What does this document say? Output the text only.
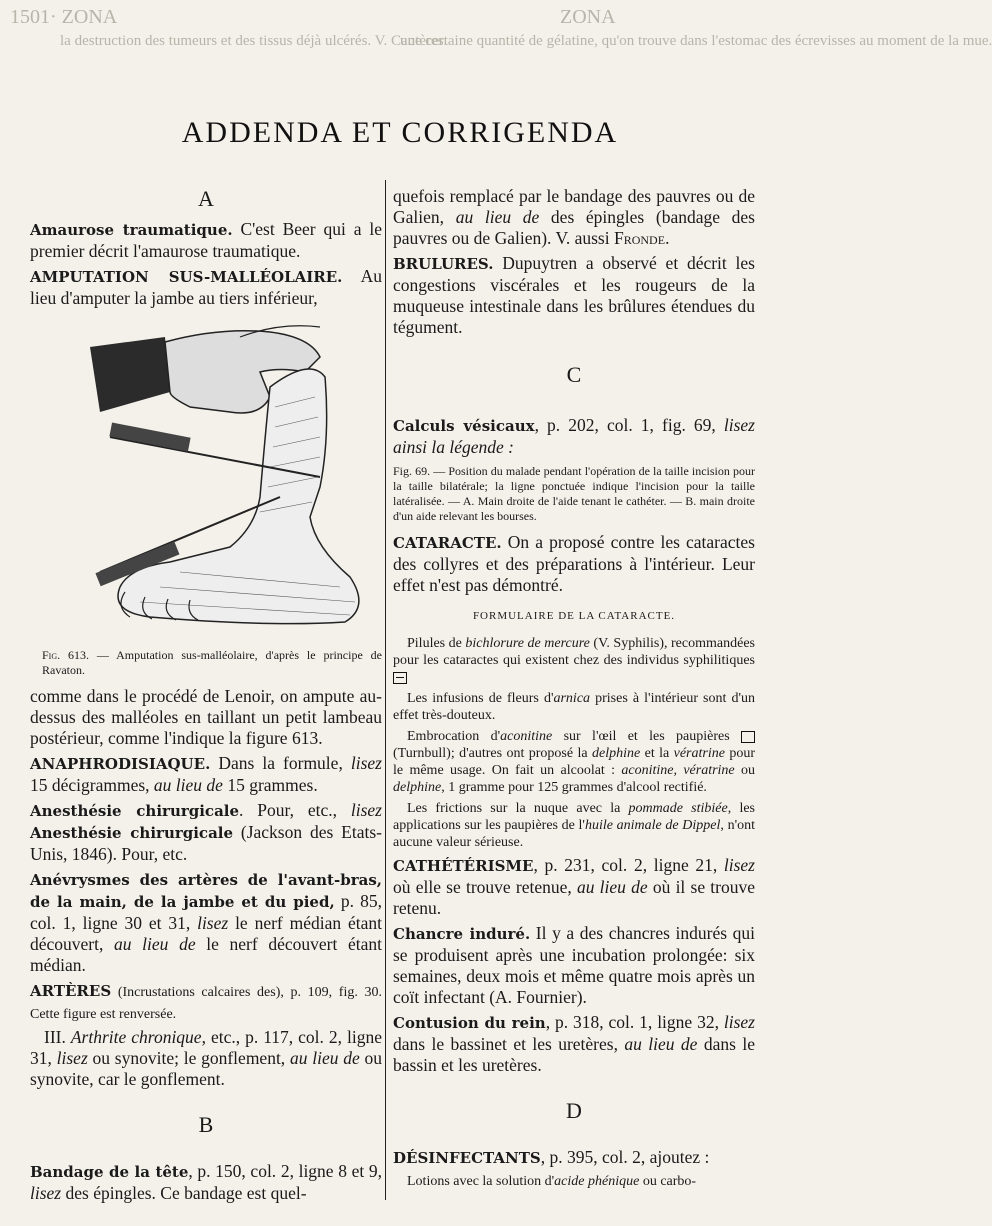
1501· ZONA	ZONA
la destruction des tumeurs et des tissus déjà ulcérés. V. Cautères.
une certaine quantité de gélatine, qu'on trouve dans l'estomac des écrevisses au moment de la mue.
ADDENDA ET CORRIGENDA
A

Amaurose traumatique. C'est Beer qui a le premier décrit l'amaurose traumatique.

AMPUTATION SUS-MALLÉOLAIRE. Au lieu d'amputer la jambe au tiers inférieur,

Fig. 613. — Amputation sus-malléolaire, d'après le principe de Ravaton.

comme dans le procédé de Lenoir, on ampute au-dessus des malléoles en taillant un petit lambeau postérieur, comme l'indique la figure 613.

ANAPHRODISIAQUE. Dans la formule, lisez 15 décigrammes, au lieu de 15 grammes.

Anesthésie chirurgicale. Pour, etc., lisez Anesthésie chirurgicale (Jackson des Etats-Unis, 1846). Pour, etc.

Anévrysmes des artères de l'avant-bras, de la main, de la jambe et du pied, p. 85, col. 1, ligne 30 et 31, lisez le nerf médian étant découvert, au lieu de le nerf découvert étant médian.

ARTÈRES (Incrustations calcaires des), p. 109, fig. 30. Cette figure est renversée.

III. Arthrite chronique, etc., p. 117, col. 2, ligne 31, lisez ou synovite; le gonflement, au lieu de ou synovite, car le gonflement.

B

Bandage de la tête, p. 150, col. 2, ligne 8 et 9, lisez des épingles. Ce bandage est quel-

quefois remplacé par le bandage des pauvres ou de Galien, au lieu de des épingles (bandage des pauvres ou de Galien). V. aussi Fronde.

BRULURES. Dupuytren a observé et décrit les congestions viscérales et les rougeurs de la muqueuse intestinale dans les brûlures étendues du tégument.

C

Calculs vésicaux, p. 202, col. 1, fig. 69, lisez ainsi la légende :

Fig. 69. — Position du malade pendant l'opération de la taille incision pour la taille bilatérale; la ligne ponctuée indique l'incision pour la taille latéralisée. — A. Main droite de l'aide tenant le cathéter. — B. main droite d'un aide relevant les bourses.

CATARACTE. On a proposé contre les cataractes des collyres et des préparations à l'intérieur. Leur effet n'est pas démontré.

FORMULAIRE DE LA CATARACTE.

Pilules de bichlorure de mercure (V. Syphilis), recommandées pour les cataractes qui existent chez des individus syphilitiques

Les infusions de fleurs d'arnica prises à l'intérieur sont d'un effet très-douteux.

Embrocation d'aconitine sur l'œil et les paupières  (Turnbull); d'autres ont proposé la delphine et la vératrine pour le même usage. On fait un alcoolat : aconitine, vératrine ou delphine, 1 gramme pour 125 grammes d'alcool rectifié.

Les frictions sur la nuque avec la pommade stibiée, les applications sur les paupières de l'huile animale de Dippel, n'ont aucune valeur sérieuse.

CATHÉTÉRISME, p. 231, col. 2, ligne 21, lisez où elle se trouve retenue, au lieu de où il se trouve retenu.

Chancre induré. Il y a des chancres indurés qui se produisent après une incubation prolongée: six semaines, deux mois et même quatre mois après un coït infectant (A. Fournier).

Contusion du rein, p. 318, col. 1, ligne 32, lisez dans le bassinet et les uretères, au lieu de dans le bassin et les uretères.

D

DÉSINFECTANTS, p. 395, col. 2, ajoutez :

Lotions avec la solution d'acide phénique ou carbo-
